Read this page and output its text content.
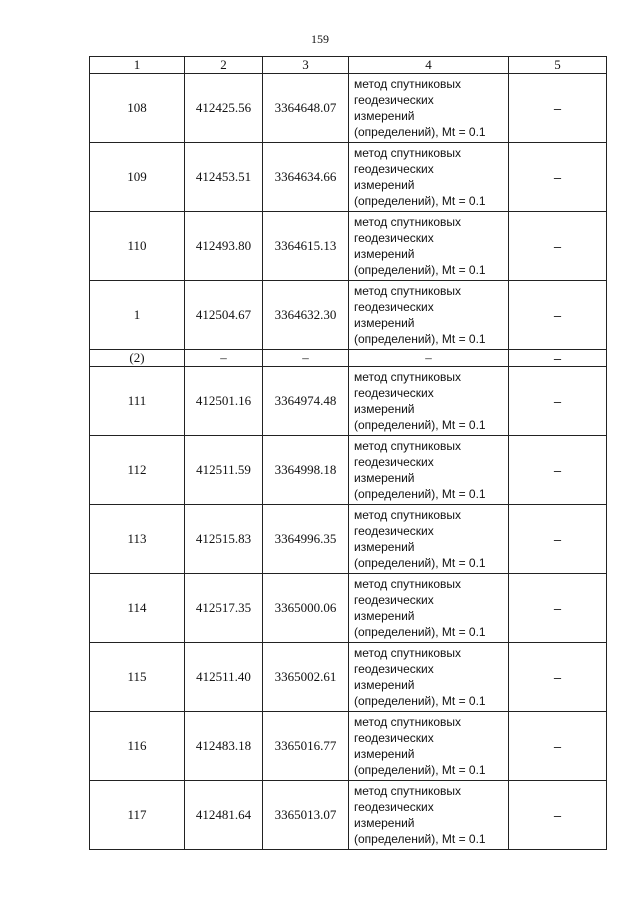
159
1	2	3	4	5
108	412425.56	3364648.07	метод спутниковых
геодезических
измерений
(определений), Mt = 0.1	–
109	412453.51	3364634.66	метод спутниковых
геодезических
измерений
(определений), Mt = 0.1	–
110	412493.80	3364615.13	метод спутниковых
геодезических
измерений
(определений), Mt = 0.1	–
1	412504.67	3364632.30	метод спутниковых
геодезических
измерений
(определений), Mt = 0.1	–
(2)	–	–	–	–
111	412501.16	3364974.48	метод спутниковых
геодезических
измерений
(определений), Mt = 0.1	–
112	412511.59	3364998.18	метод спутниковых
геодезических
измерений
(определений), Mt = 0.1	–
113	412515.83	3364996.35	метод спутниковых
геодезических
измерений
(определений), Mt = 0.1	–
114	412517.35	3365000.06	метод спутниковых
геодезических
измерений
(определений), Mt = 0.1	–
115	412511.40	3365002.61	метод спутниковых
геодезических
измерений
(определений), Mt = 0.1	–
116	412483.18	3365016.77	метод спутниковых
геодезических
измерений
(определений), Mt = 0.1	–
117	412481.64	3365013.07	метод спутниковых
геодезических
измерений
(определений), Mt = 0.1	–
